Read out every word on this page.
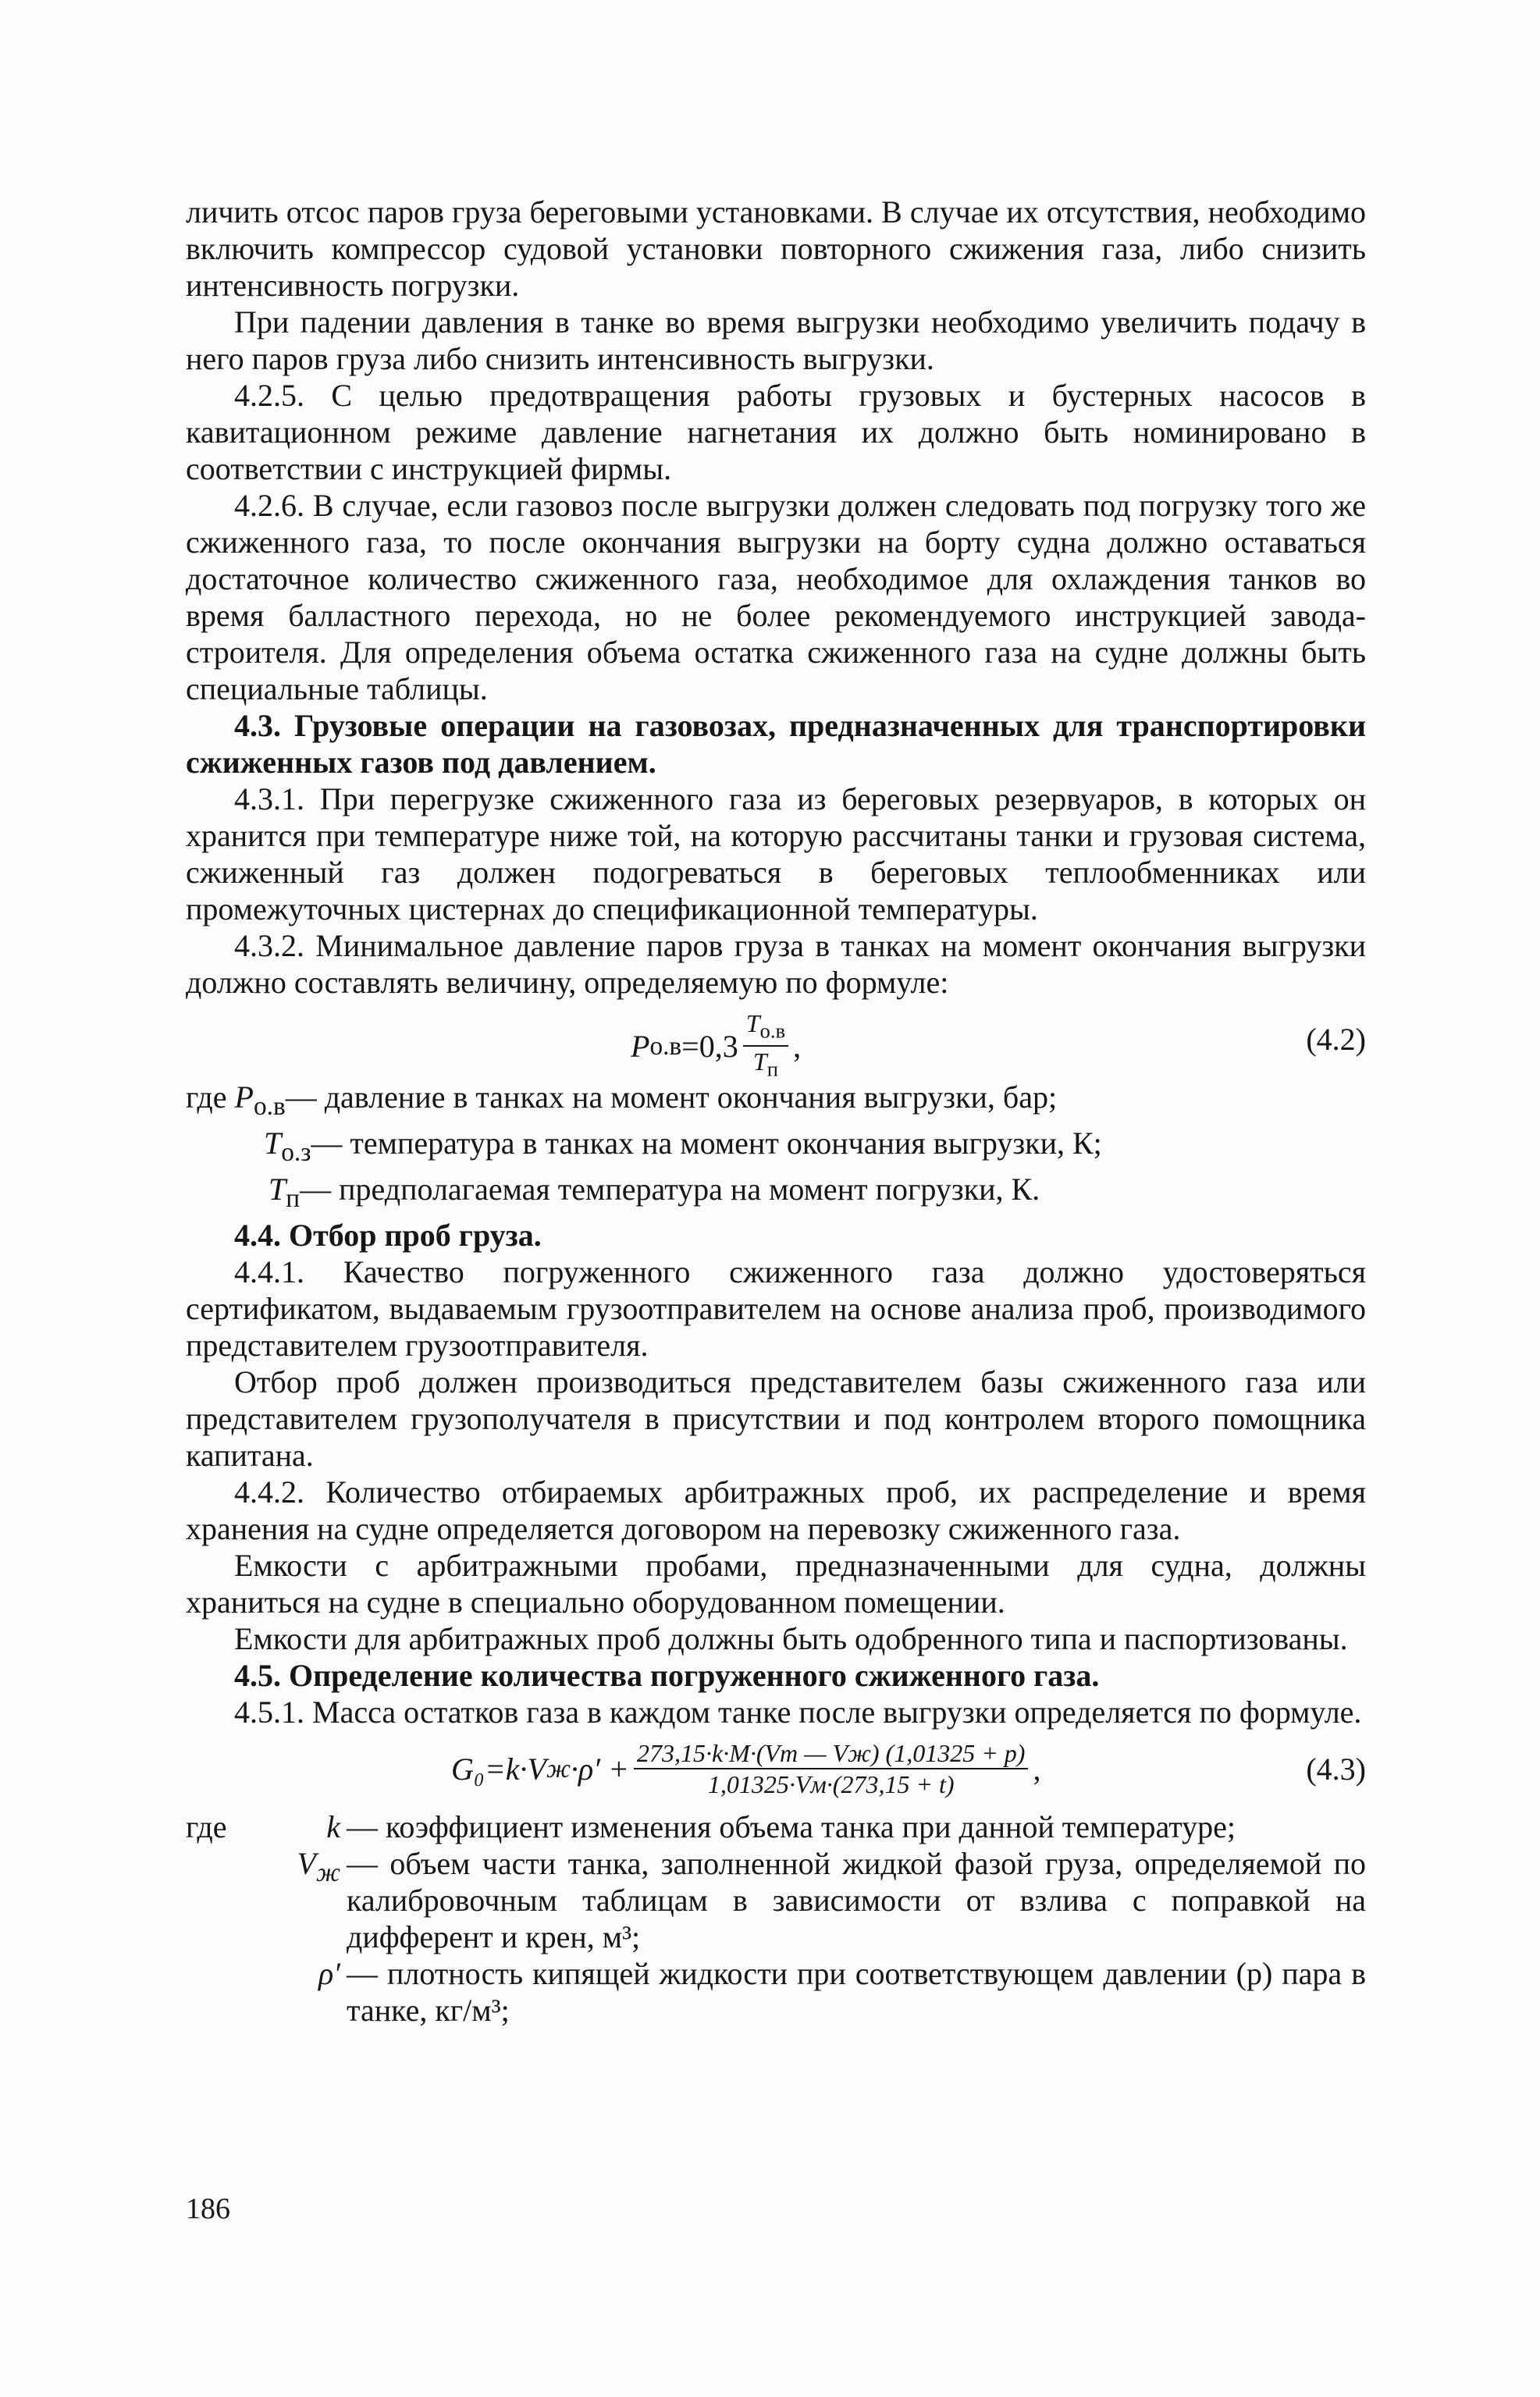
личить отсос паров груза береговыми установками. В случае их отсутствия, необходимо включить компрессор судовой установки повторного сжижения газа, либо снизить интенсивность погрузки.

При падении давления в танке во время выгрузки необходимо увеличить подачу в него паров груза либо снизить интенсивность выгрузки.

4.2.5. С целью предотвращения работы грузовых и бустерных насосов в кавитационном режиме давление нагнетания их должно быть номинировано в соответствии с инструкцией фирмы.

4.2.6. В случае, если газовоз после выгрузки должен следовать под погрузку того же сжиженного газа, то после окончания выгрузки на борту судна должно оставаться достаточное количество сжиженного газа, необходимое для охлаждения танков во время балластного перехода, но не более рекомендуемого инструкцией завода-строителя. Для определения объема остатка сжиженного газа на судне должны быть специальные таблицы.

4.3. Грузовые операции на газовозах, предназначенных для транспортировки сжиженных газов под давлением.

4.3.1. При перегрузке сжиженного газа из береговых резервуаров, в которых он хранится при температуре ниже той, на которую рассчитаны танки и грузовая система, сжиженный газ должен подогреваться в береговых теплообменниках или промежуточных цистернах до спецификационной температуры.

4.3.2. Минимальное давление паров груза в танках на момент окончания выгрузки должно составлять величину, определяемую по формуле:

P $о.в =0,3 \frac{T_{о.в}}{T_п}$ ,	(4.2)
где $P_{о.в}$ — давление в танках на момент окончания выгрузки, бар;
$T_{о.з}$ — температура в танках на момент окончания выгрузки, К;
$T_п$ — предполагаемая температура на момент погрузки, К.

4.4. Отбор проб груза.

4.4.1. Качество погруженного сжиженного газа должно удостоверяться сертификатом, выдаваемым грузоотправителем на основе анализа проб, производимого представителем грузоотправителя.

Отбор проб должен производиться представителем базы сжиженного газа или представителем грузополучателя в присутствии и под контролем второго помощника капитана.

4.4.2. Количество отбираемых арбитражных проб, их распределение и время хранения на судне определяется договором на перевозку сжиженного газа.

Емкости с арбитражными пробами, предназначенными для судна, должны храниться на судне в специально оборудованном помещении.

Емкости для арбитражных проб должны быть одобренного типа и паспортизованы.

4.5. Определение количества погруженного сжиженного газа.

4.5.1. Масса остатков газа в каждом танке после выгрузки определяется по формуле.

G₀=k·V $ж \cdot\rho' + \frac{273,15\cdot k\cdot M\cdot(Vт — Vж) (1,01325 + p)}{1,01325\cdot Vм\cdot(273,15 + t)}$ ,	(4.3)
где	k — коэффициент изменения объема танка при данной температуре;
$V_ж$ — объем части танка, заполненной жидкой фазой груза, определяемой по калибровочным таблицам в зависимости от взлива с поправкой на дифферент и крен, м³;
ρ′ — плотность кипящей жидкости при соответствующем давлении (p) пара в танке, кг/м³;
186
